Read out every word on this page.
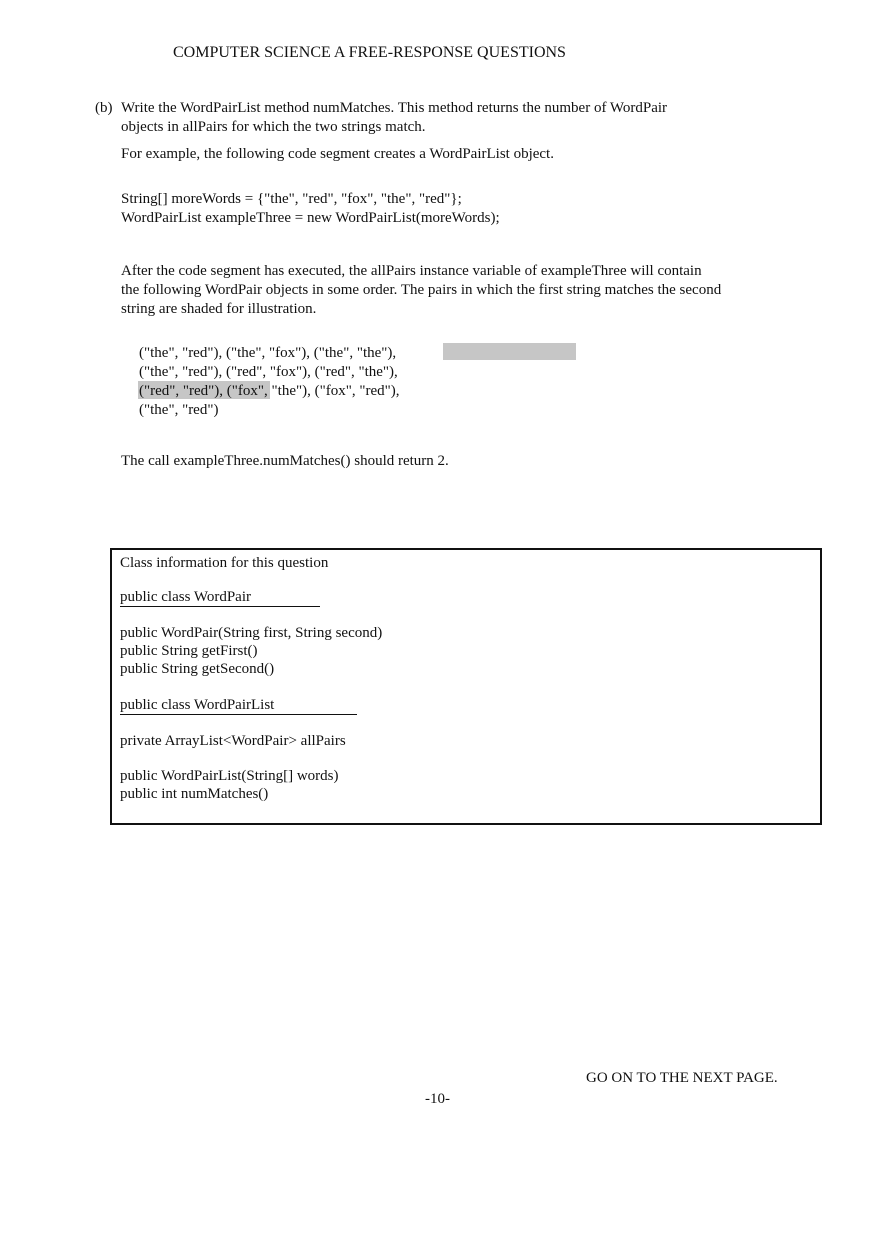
COMPUTER SCIENCE A FREE-RESPONSE QUESTIONS
(b) Write the WordPairList method numMatches. This method returns the number of WordPair
objects in allPairs for which the two strings match.
For example, the following code segment creates a WordPairList object.
String[] moreWords = {"the", "red", "fox", "the", "red"};
WordPairList exampleThree = new WordPairList(moreWords);
After the code segment has executed, the allPairs instance variable of exampleThree will contain
the following WordPair objects in some order. The pairs in which the first string matches the second
string are shaded for illustration.
("the", "red"), ("the", "fox"), ("the", "the"),
("the", "red"), ("red", "fox"), ("red", "the"),
("red", "red"), ("fox", "the"), ("fox", "red"),
("the", "red")
The call exampleThree.numMatches() should return 2.
Class information for this question
public class WordPair
public WordPair(String first, String second)
public String getFirst()
public String getSecond()
public class WordPairList
private ArrayList<WordPair> allPairs
public WordPairList(String[] words)
public int numMatches()
GO ON TO THE NEXT PAGE.
-10-
